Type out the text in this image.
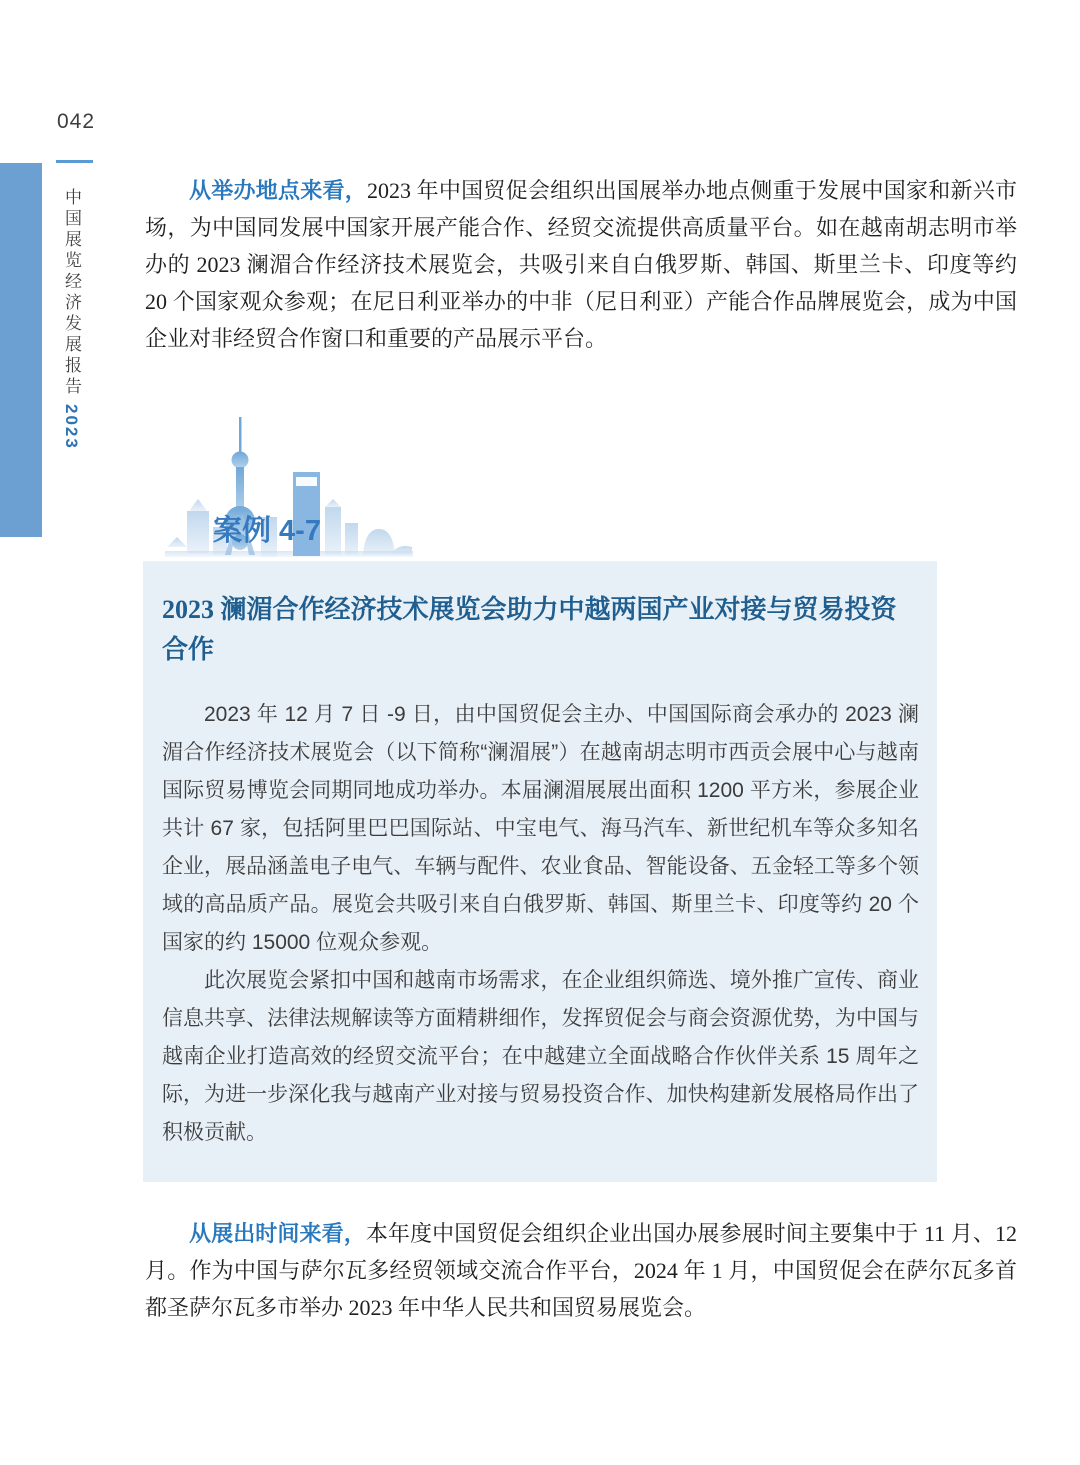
042
中国展览经济发展报告2023

从举办地点来看，2023 年中国贸促会组织出国展举办地点侧重于发展中国家和新兴市场，为中国同发展中国家开展产能合作、经贸交流提供高质量平台。如在越南胡志明市举办的 2023 澜湄合作经济技术展览会，共吸引来自白俄罗斯、韩国、斯里兰卡、印度等约 20 个国家观众参观；在尼日利亚举办的中非（尼日利亚）产能合作品牌展览会，成为中国企业对非经贸合作窗口和重要的产品展示平台。

案例 4-7
2023 澜湄合作经济技术展览会助力中越两国产业对接与贸易投资合作

2023 年 12 月 7 日 -9 日，由中国贸促会主办、中国国际商会承办的 2023 澜湄合作经济技术展览会（以下简称“澜湄展”）在越南胡志明市西贡会展中心与越南国际贸易博览会同期同地成功举办。本届澜湄展展出面积 1200 平方米，参展企业共计 67 家，包括阿里巴巴国际站、中宝电气、海马汽车、新世纪机车等众多知名企业，展品涵盖电子电气、车辆与配件、农业食品、智能设备、五金轻工等多个领域的高品质产品。展览会共吸引来自白俄罗斯、韩国、斯里兰卡、印度等约 20 个国家的约 15000 位观众参观。

此次展览会紧扣中国和越南市场需求，在企业组织筛选、境外推广宣传、商业信息共享、法律法规解读等方面精耕细作，发挥贸促会与商会资源优势，为中国与越南企业打造高效的经贸交流平台；在中越建立全面战略合作伙伴关系 15 周年之际，为进一步深化我与越南产业对接与贸易投资合作、加快构建新发展格局作出了积极贡献。

从展出时间来看，本年度中国贸促会组织企业出国办展参展时间主要集中于 11 月、12 月。作为中国与萨尔瓦多经贸领域交流合作平台，2024 年 1 月，中国贸促会在萨尔瓦多首都圣萨尔瓦多市举办 2023 年中华人民共和国贸易展览会。
